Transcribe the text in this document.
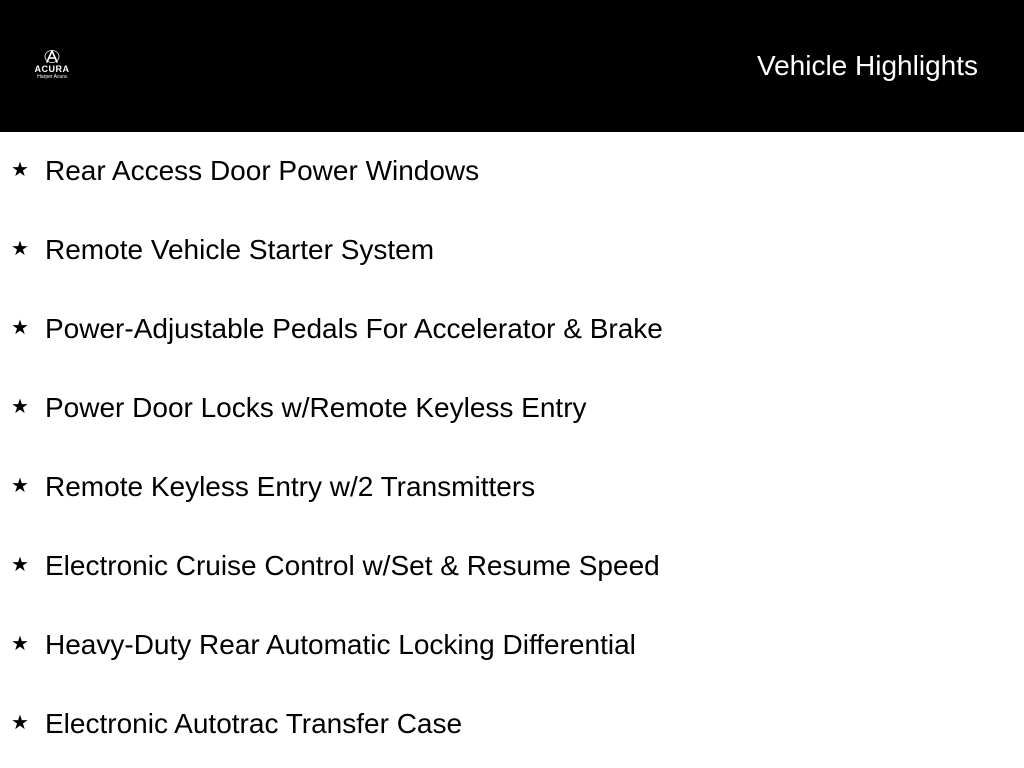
ACURA
Harper Acura	Vehicle Highlights
★ Rear Access Door Power Windows
★ Remote Vehicle Starter System
★ Power-Adjustable Pedals For Accelerator & Brake
★ Power Door Locks w/Remote Keyless Entry
★ Remote Keyless Entry w/2 Transmitters
★ Electronic Cruise Control w/Set & Resume Speed
★ Heavy-Duty Rear Automatic Locking Differential
★ Electronic Autotrac Transfer Case
